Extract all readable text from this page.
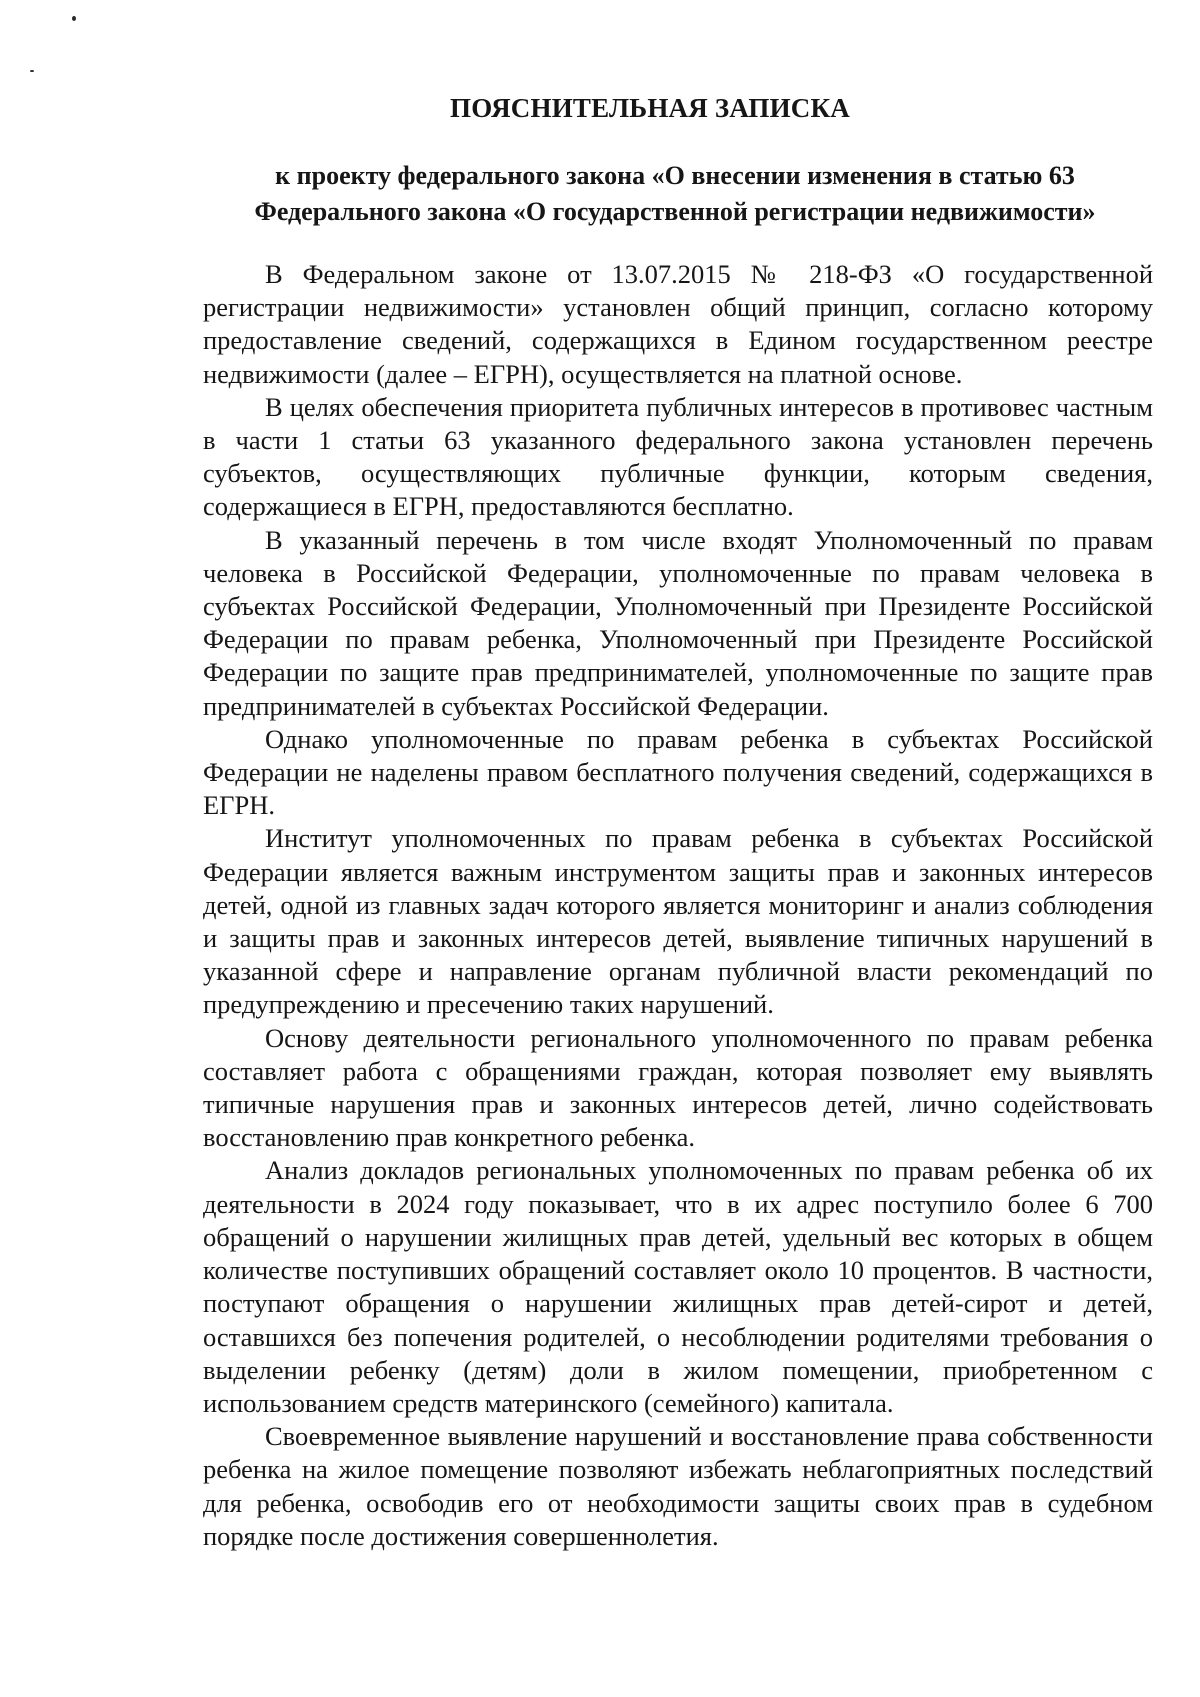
ПОЯСНИТЕЛЬНАЯ ЗАПИСКА
к проекту федерального закона «О внесении изменения в статью 63
Федерального закона «О государственной регистрации недвижимости»

В Федеральном законе от 13.07.2015 № 218-ФЗ «О государственной регистрации недвижимости» установлен общий принцип, согласно которому предоставление сведений, содержащихся в Едином государственном реестре недвижимости (далее – ЕГРН), осуществляется на платной основе.

В целях обеспечения приоритета публичных интересов в противовес частным в части 1 статьи 63 указанного федерального закона установлен перечень субъектов, осуществляющих публичные функции, которым сведения, содержащиеся в ЕГРН, предоставляются бесплатно.

В указанный перечень в том числе входят Уполномоченный по правам человека в Российской Федерации, уполномоченные по правам человека в субъектах Российской Федерации, Уполномоченный при Президенте Российской Федерации по правам ребенка, Уполномоченный при Президенте Российской Федерации по защите прав предпринимателей, уполномоченные по защите прав предпринимателей в субъектах Российской Федерации.

Однако уполномоченные по правам ребенка в субъектах Российской Федерации не наделены правом бесплатного получения сведений, содержащихся в ЕГРН.

Институт уполномоченных по правам ребенка в субъектах Российской Федерации является важным инструментом защиты прав и законных интересов детей, одной из главных задач которого является мониторинг и анализ соблюдения и защиты прав и законных интересов детей, выявление типичных нарушений в указанной сфере и направление органам публичной власти рекомендаций по предупреждению и пресечению таких нарушений.

Основу деятельности регионального уполномоченного по правам ребенка составляет работа с обращениями граждан, которая позволяет ему выявлять типичные нарушения прав и законных интересов детей, лично содействовать восстановлению прав конкретного ребенка.

Анализ докладов региональных уполномоченных по правам ребенка об их деятельности в 2024 году показывает, что в их адрес поступило более 6 700 обращений о нарушении жилищных прав детей, удельный вес которых в общем количестве поступивших обращений составляет около 10 процентов. В частности, поступают обращения о нарушении жилищных прав детей-сирот и детей, оставшихся без попечения родителей, о несоблюдении родителями требования о выделении ребенку (детям) доли в жилом помещении, приобретенном с использованием средств материнского (семейного) капитала.

Своевременное выявление нарушений и восстановление права собственности ребенка на жилое помещение позволяют избежать неблагоприятных последствий для ребенка, освободив его от необходимости защиты своих прав в судебном порядке после достижения совершеннолетия.
